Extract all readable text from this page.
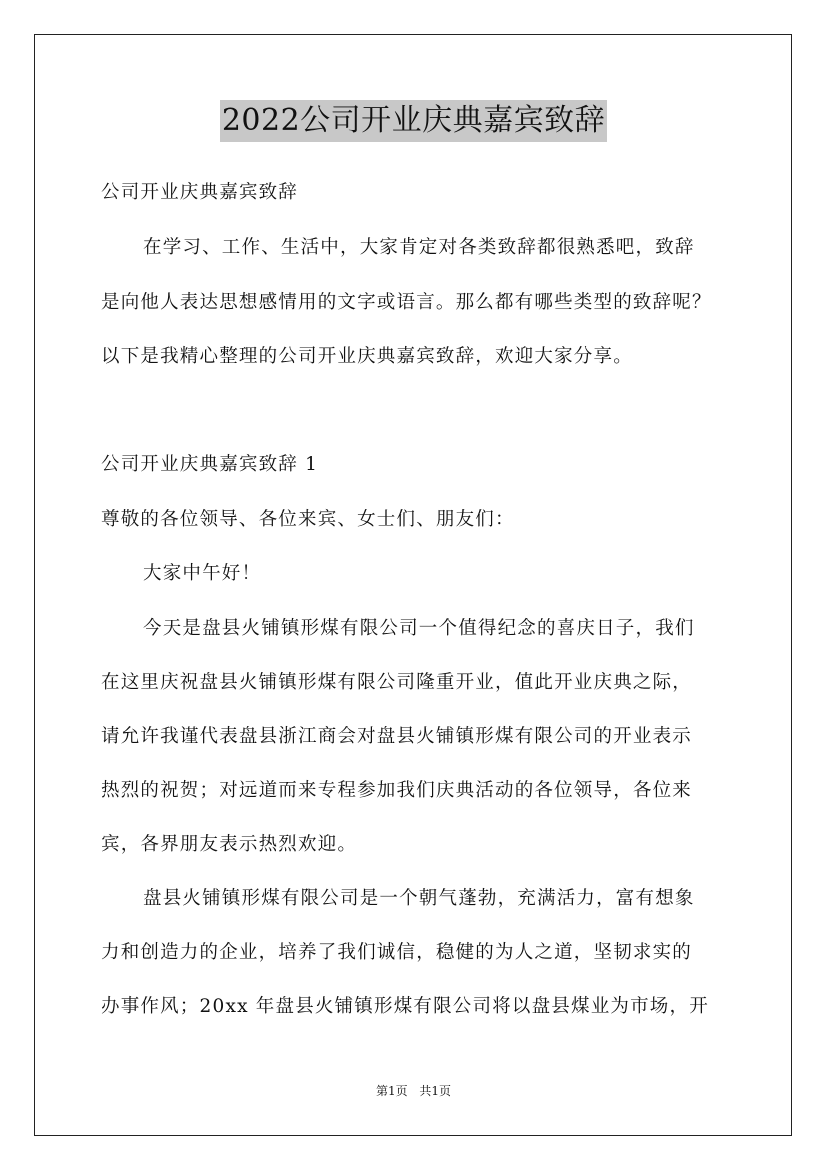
2022公司开业庆典嘉宾致辞
公司开业庆典嘉宾致辞
在学习、工作、生活中，大家肯定对各类致辞都很熟悉吧，致辞
是向他人表达思想感情用的文字或语言。那么都有哪些类型的致辞呢？
以下是我精心整理的公司开业庆典嘉宾致辞，欢迎大家分享。
公司开业庆典嘉宾致辞 1
尊敬的各位领导、各位来宾、女士们、朋友们：
大家中午好！
今天是盘县火铺镇形煤有限公司一个值得纪念的喜庆日子，我们
在这里庆祝盘县火铺镇形煤有限公司隆重开业，值此开业庆典之际，
请允许我谨代表盘县浙江商会对盘县火铺镇形煤有限公司的开业表示
热烈的祝贺；对远道而来专程参加我们庆典活动的各位领导，各位来
宾，各界朋友表示热烈欢迎。
盘县火铺镇形煤有限公司是一个朝气蓬勃，充满活力，富有想象
力和创造力的企业，培养了我们诚信，稳健的为人之道，坚韧求实的
办事作风；20xx 年盘县火铺镇形煤有限公司将以盘县煤业为市场，开
第1页 共1页
